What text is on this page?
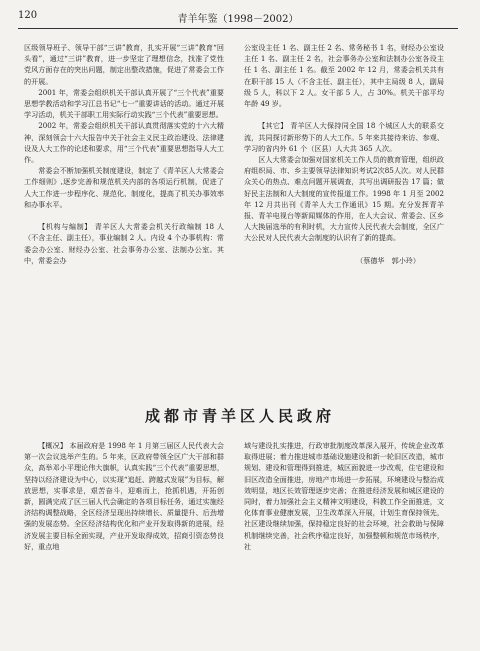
120	青羊年鉴（1998－2002）

区级领导班子、领导干部“三讲”教育，扎实开展“三讲”教育“回头看”，通过“三讲”教育，进一步坚定了理想信念，找准了党性党风方面存在的突出问题，制定出整改措施，促进了常委会工作的开展。

2001 年，常委会组织机关干部认真开展了“三个代表”重要思想学教活动和学习江总书记“七一”重要讲话的活动。通过开展学习活动，机关干部职工用实际行动实践“三个代表”重要思想。

2002 年，常委会组织机关干部认真贯彻落实党的十六大精神，深刻领会十六大报告中关于社会主义民主政治建设、法律建设及人大工作的论述和要求，用“三个代表”重要思想指导人大工作。

常委会不断加强机关制度建设，制定了《青羊区人大常委会工作细则》,逐步完善和规范机关内部的各项运行机制，促进了人大工作进一步程序化、规范化、制度化，提高了机关办事效率和办事水平。

【机构与编制】 青羊区人大常委会机关行政编制 18 人（不含主任、副主任），事业编制 2 人。内设 4 个办事机构：常委会办公室、财经办公室、社会事务办公室、法制办公室。其中，常委会办

公室设主任 1 名、副主任 2 名、常务秘书 1 名，财经办公室设主任 1 名、副主任 2 名，社会事务办公室和法制办公室各设主任 1 名、副主任 1 名。截至 2002 年 12 月，常委会机关共有在职干部 15 人（不含主任、副主任），其中主局级 8 人，副局级 5 人，科以下 2 人。女干部 5 人，占 30%。机关干部平均年龄 49 岁。

【其它】 青羊区人大保持同全国 18 个城区人大的联系交流，共同探讨新形势下的人大工作。5 年来共接待来访、参观、学习的省内外 61 个（区县）人大共 365 人次。

区人大常委会加强对国家机关工作人员的教育管理，组织政府组织局、市、乡主要领导法律知识考试2次85人次。对人民群众关心的热点、难点问题开展调查，共写出调研报告 17 篇；做好民主法制和人大制度的宣传报道工作。1998 年 1 月至 2002 年 12 月共出刊《青羊人大工作通讯》15 期。充分发挥青羊报、青羊电视台等新闻媒体的作用，在人大会议、常委会、区乡人大换届选举的有利时机，大力宣传人民代表大会制度，全区广大公民对人民代表大会制度的认识有了新的提高。

（蔡德华　郭小玲）

成都市青羊区人民政府

【概况】 本届政府是 1998 年 1 月第三届区人民代表大会第一次会议选举产生的。5 年来，区政府带领全区广大干部和群众，高举邓小平理论伟大旗帜，认真实践“三个代表”重要思想，坚持以经济建设为中心，以实现“追赶、跨越式发展”为目标，解放思想，实事求是，艰苦奋斗，迎难而上，抢抓机遇，开拓创新，圆满完成了区三届人代会确定的各项目标任务，通过实施经济结构调整战略，全区经济呈现出持续增长、质量提升、后劲增强的发展态势。全区经济结构优化和产业开发取得新的进展，经济发展主要目标全面实现，产业开发取得成效，招商引资态势良好，重点地

域与建设扎实推进，行政审批制度改革深入展开，传统企业改革取得进展；着力推进城市基础设施建设和新一轮旧区改造，城市规划、建设和管理得到推进，城区面貌进一步改观，住宅建设和旧区改造全面推进，房地产市场进一步拓展，环境建设与整治成效明显，地区长效管理逐步完善；在推进经济发展和城区建设的同时，着力加强社会主义精神文明建设，科教工作全面推进，文化体育事业健康发展，卫生改革深入开展，计划生育保持领先，社区建设继续加强，保持稳定良好的社会环境，社会救助与保障机制继续完善，社会秩序稳定良好，加强整顿和规范市场秩序，社
